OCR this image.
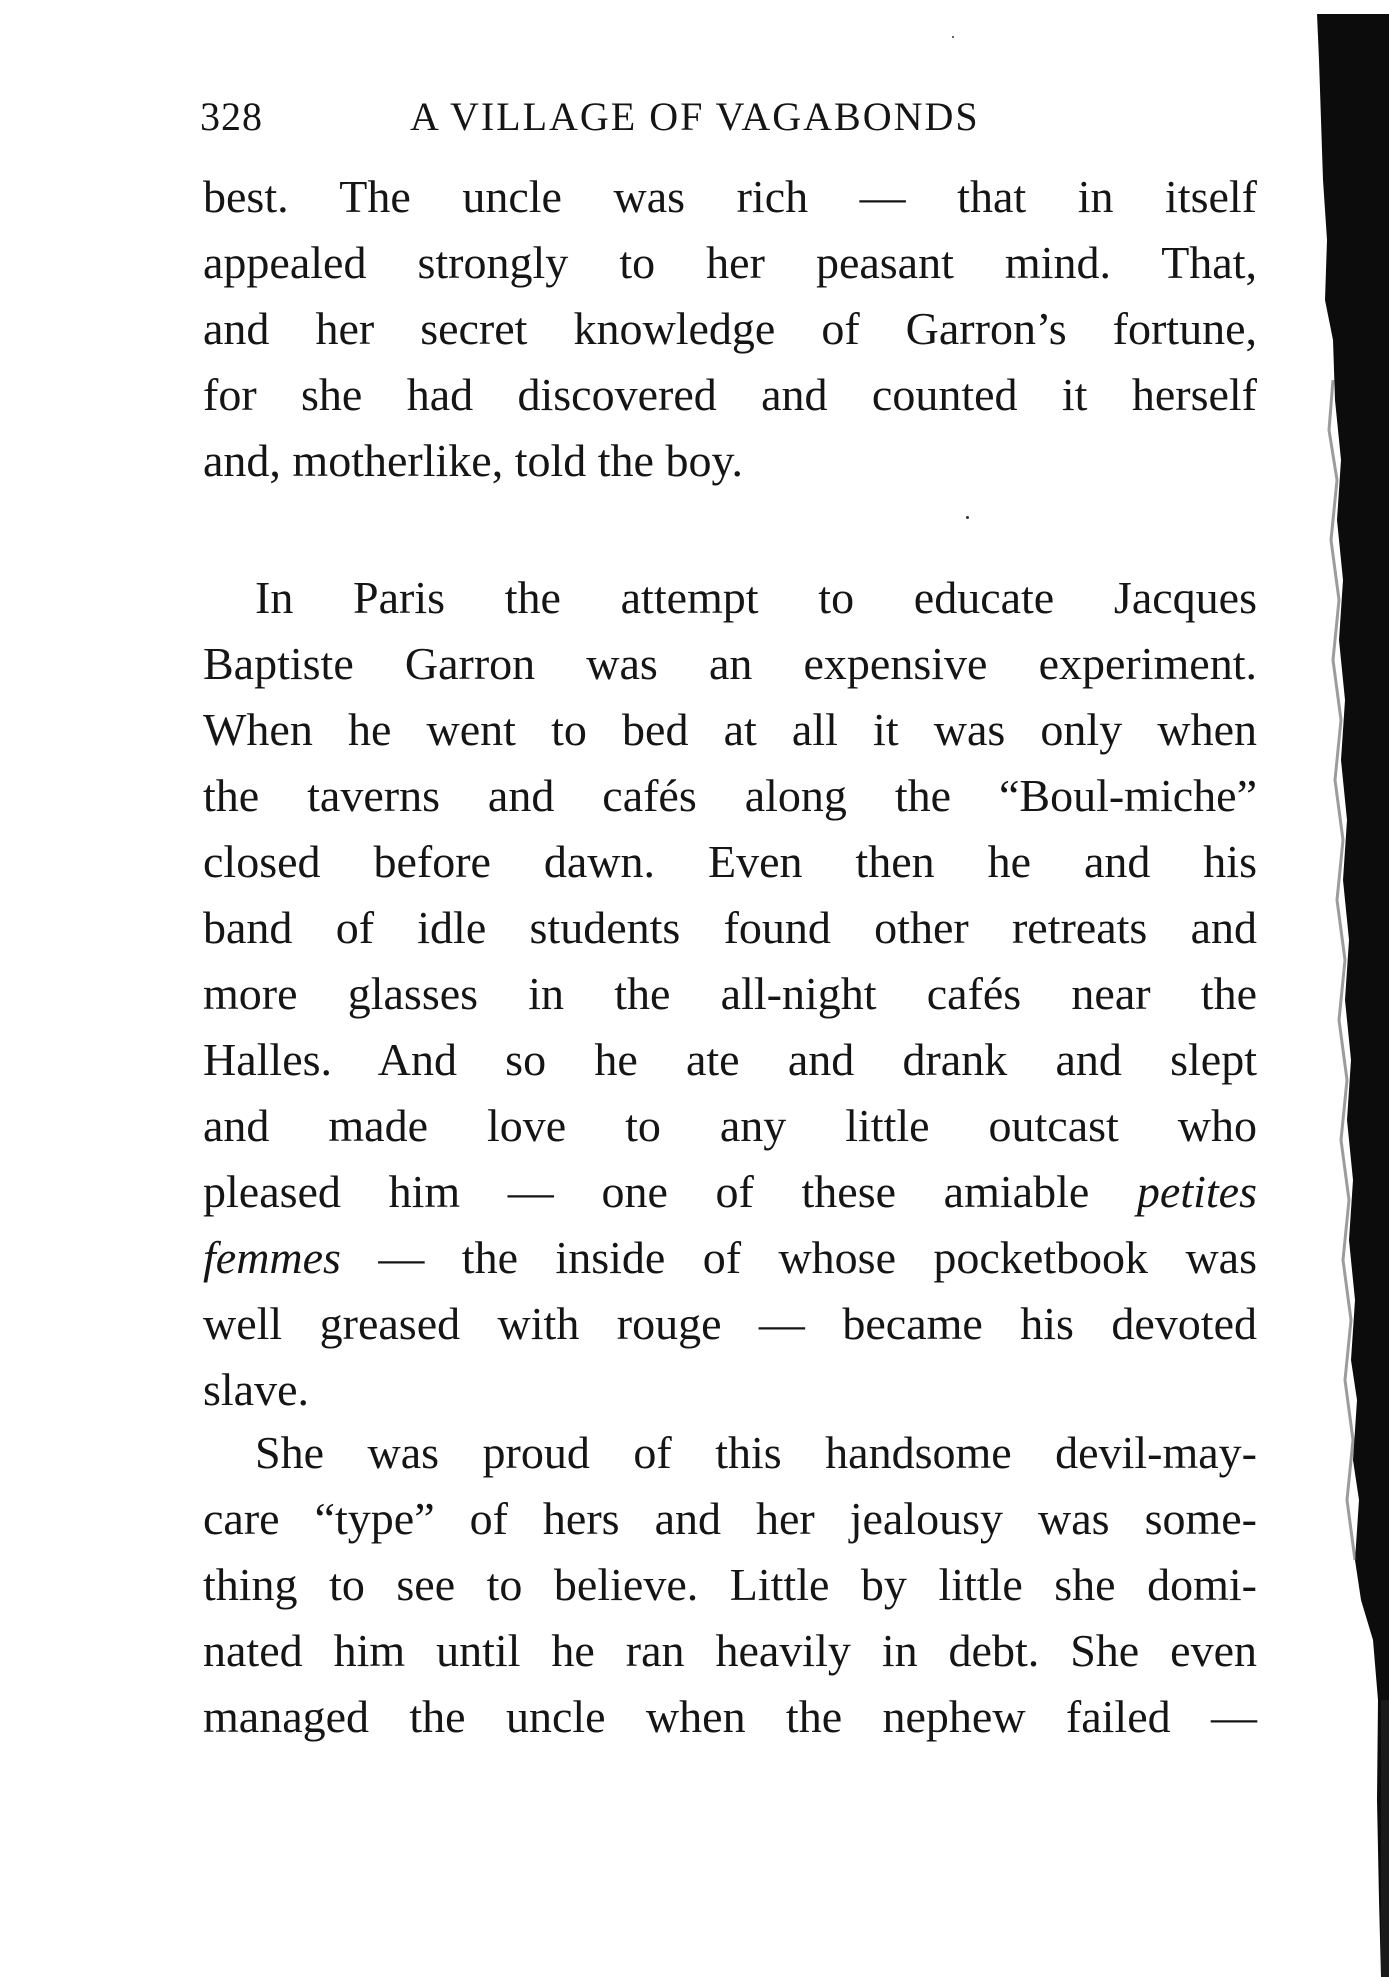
328	A VILLAGE OF VAGABONDS
best. The uncle was rich — that in itself
appealed strongly to her peasant mind. That,
and her secret knowledge of Garron’s fortune,
for she had discovered and counted it herself
and, motherlike, told the boy.
In Paris the attempt to educate Jacques
Baptiste Garron was an expensive experiment.
When he went to bed at all it was only when
the taverns and cafés along the “Boul-miche”
closed before dawn. Even then he and his
band of idle students found other retreats and
more glasses in the all-night cafés near the
Halles. And so he ate and drank and slept
and made love to any little outcast who
pleased him — one of these amiable petites
femmes — the inside of whose pocketbook was
well greased with rouge — became his devoted
slave.
She was proud of this handsome devil-may-
care “type” of hers and her jealousy was some-
thing to see to believe. Little by little she domi-
nated him until he ran heavily in debt. She even
managed the uncle when the nephew failed —
